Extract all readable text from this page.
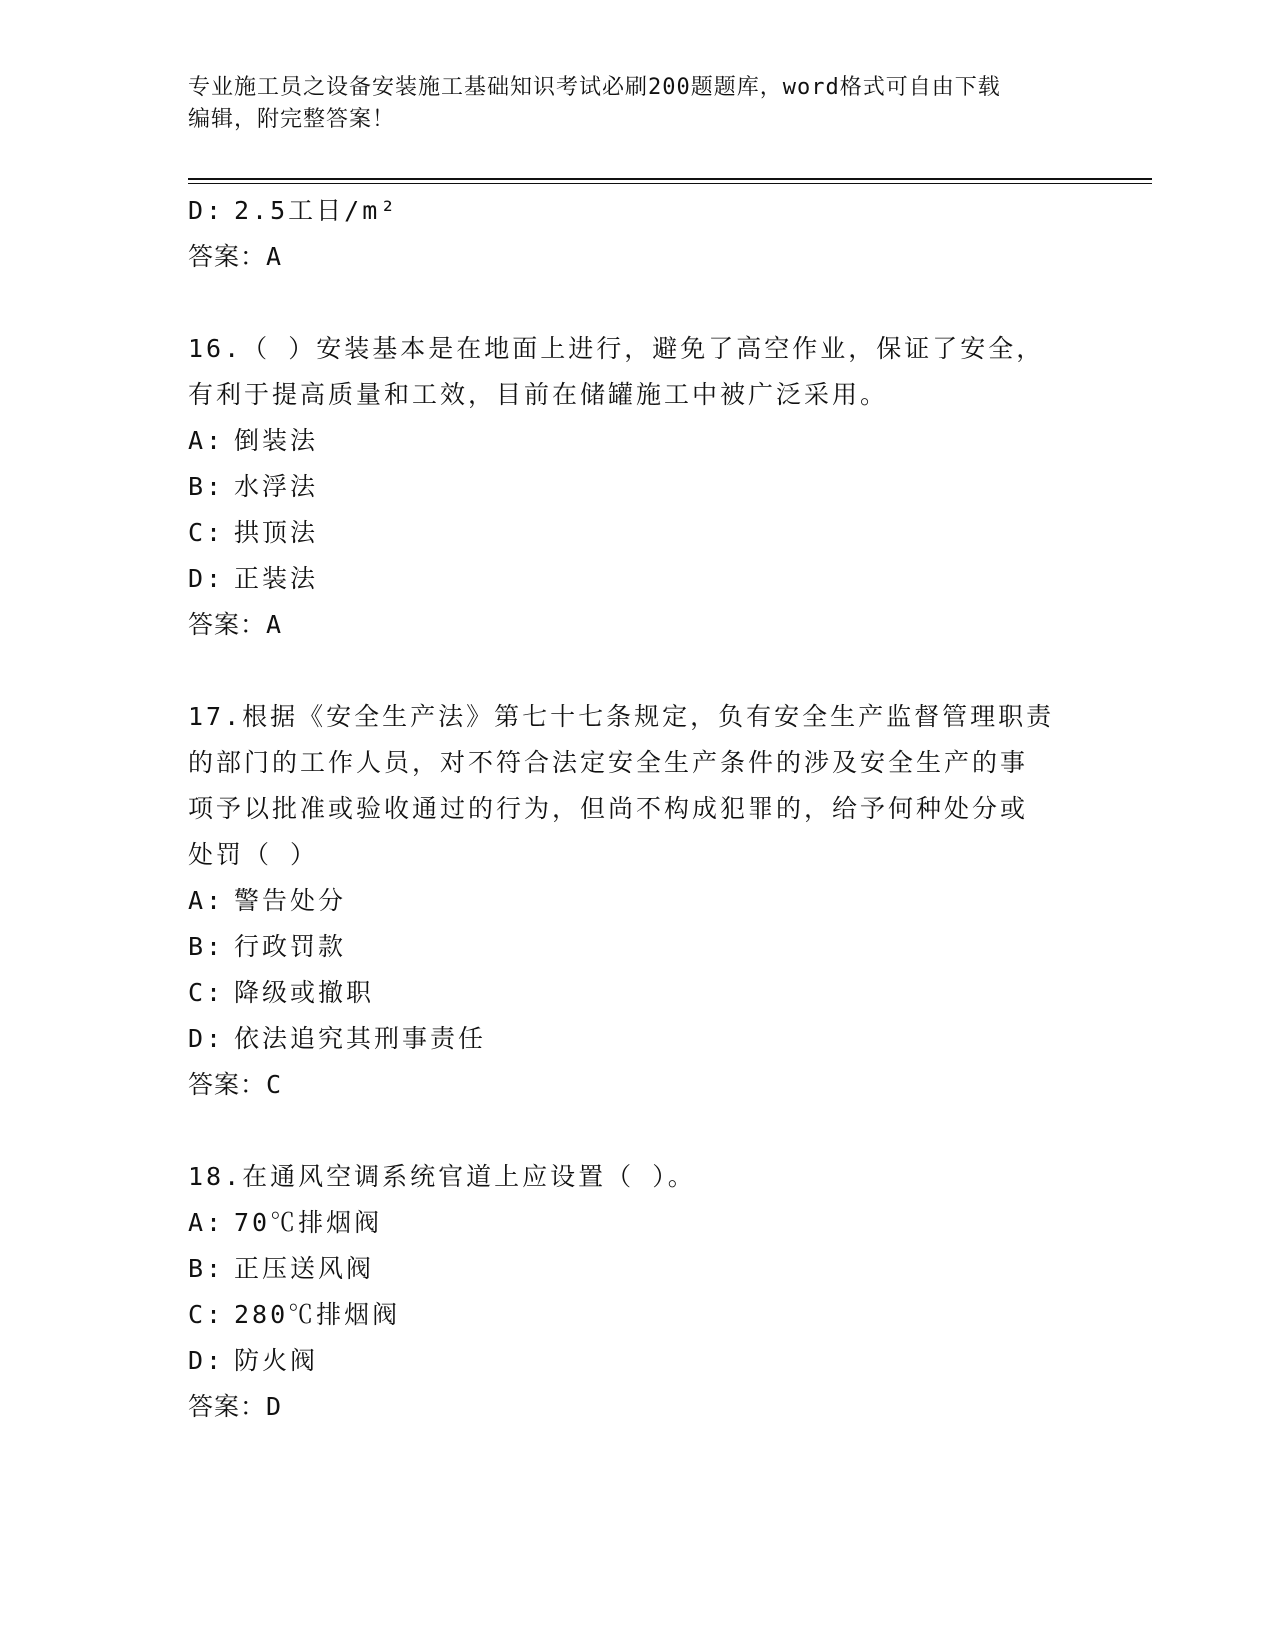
专业施工员之设备安装施工基础知识考试必刷200题题库，word格式可自由下载
编辑，附完整答案！
D: 2.5工日/m²
答案：A
16.（ ）安装基本是在地面上进行，避免了高空作业，保证了安全，
有利于提高质量和工效，目前在储罐施工中被广泛采用。
A: 倒装法
B: 水浮法
C: 拱顶法
D: 正装法
答案：A
17.根据《安全生产法》第七十七条规定，负有安全生产监督管理职责
的部门的工作人员，对不符合法定安全生产条件的涉及安全生产的事
项予以批准或验收通过的行为，但尚不构成犯罪的，给予何种处分或
处罚（ ）
A: 警告处分
B: 行政罚款
C: 降级或撤职
D: 依法追究其刑事责任
答案：C
18.在通风空调系统官道上应设置（ ）。
A: 70℃排烟阀
B: 正压送风阀
C: 280℃排烟阀
D: 防火阀
答案：D
